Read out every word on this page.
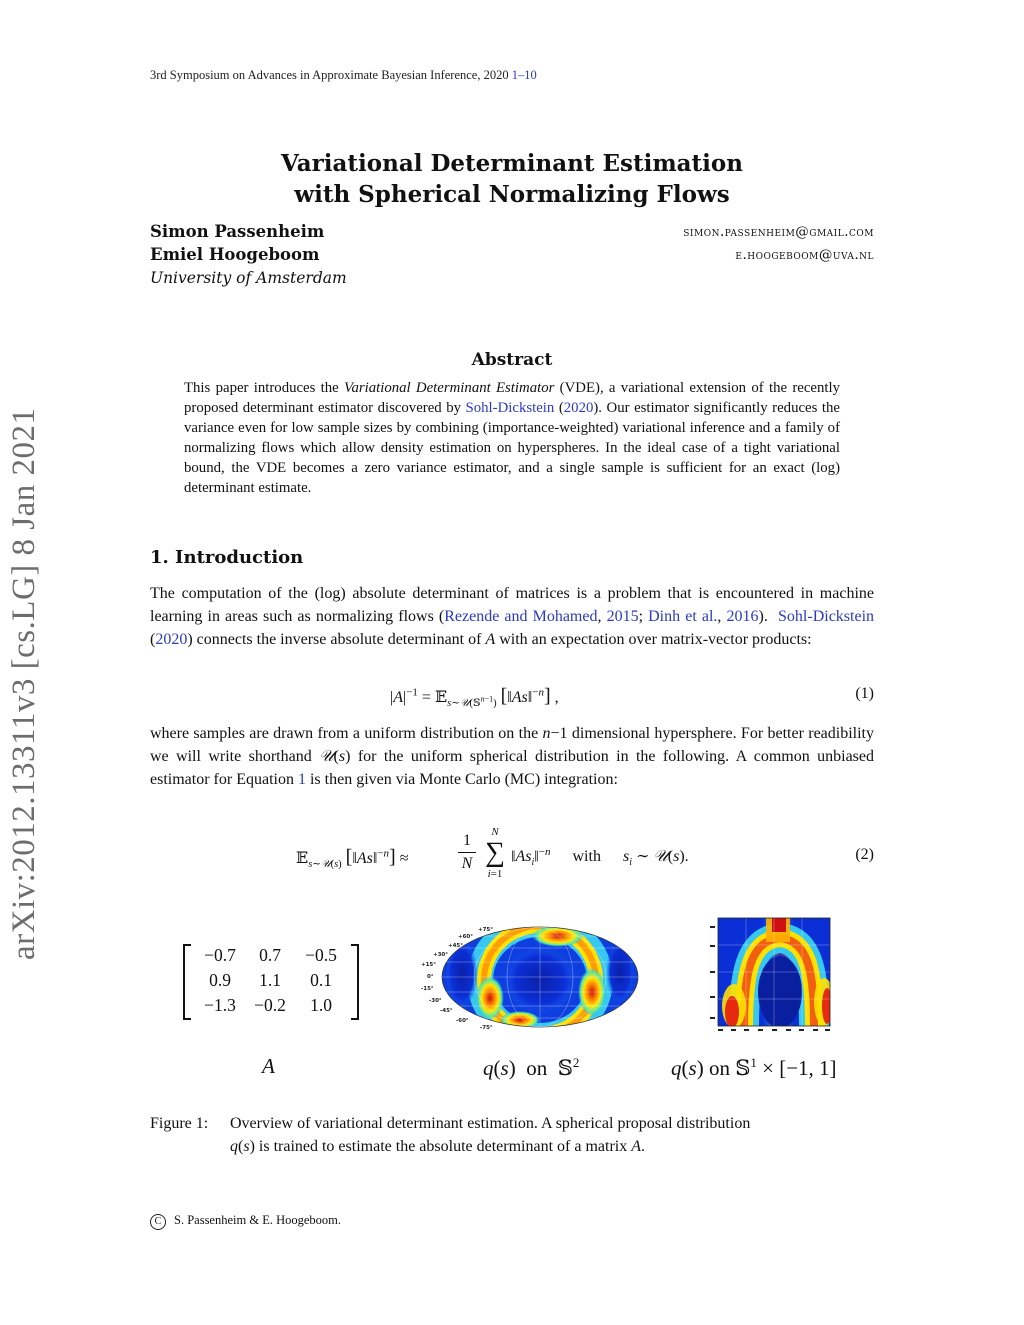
3rd Symposium on Advances in Approximate Bayesian Inference, 2020 1–10
arXiv:2012.13311v3 [cs.LG] 8 Jan 2021
Variational Determinant Estimation
with Spherical Normalizing Flows
Simon Passenheim	simon.passenheim@gmail.com
Emiel Hoogeboom	e.hoogeboom@uva.nl
University of Amsterdam
Abstract
This paper introduces the Variational Determinant Estimator (VDE), a variational extension of the recently proposed determinant estimator discovered by Sohl-Dickstein (2020). Our estimator significantly reduces the variance even for low sample sizes by combining (importance-weighted) variational inference and a family of normalizing flows which allow density estimation on hyperspheres. In the ideal case of a tight variational bound, the VDE becomes a zero variance estimator, and a single sample is sufficient for an exact (log) determinant estimate.
1. Introduction
The computation of the (log) absolute determinant of matrices is a problem that is encountered in machine learning in areas such as normalizing flows (Rezende and Mohamed, 2015; Dinh et al., 2016).  Sohl-Dickstein (2020) connects the inverse absolute determinant of A with an expectation over matrix-vector products:
$|A|^{-1}$ = 𝔼$_{s\sim 𝒰(𝕊^{n-1})}$ [‖As‖$^{-n}$] ,	(1)
where samples are drawn from a uniform distribution on the n−1 dimensional hypersphere. For better readibility we will write shorthand 𝒰(s) for the uniform spherical distribution in the following. A common unbiased estimator for Equation 1 is then given via Monte Carlo (MC) integration:
𝔼$_{s\sim 𝒰(s)}$ [‖As‖$^{-n}$] ≈
1
N
N
∑
i=1
$‖As_i‖^{-n}$ with $s_i$ ∼ 𝒰(s).	(2)
−0.7	0.7	−0.5
0.9	1.1	0.1
−1.3	−0.2	1.0
+75°
+60°
+45°
+30°
+15°
0°
-15°
-30°
-45°
-60°
-75°
A	q(s)  on  𝕊$^2$	q(s) on 𝕊$^1$ × [−1, 1]
Figure 1:	Overview of variational determinant estimation. A spherical proposal distribution
q(s) is trained to estimate the absolute determinant of a matrix A.
C S. Passenheim & E. Hoogeboom.
